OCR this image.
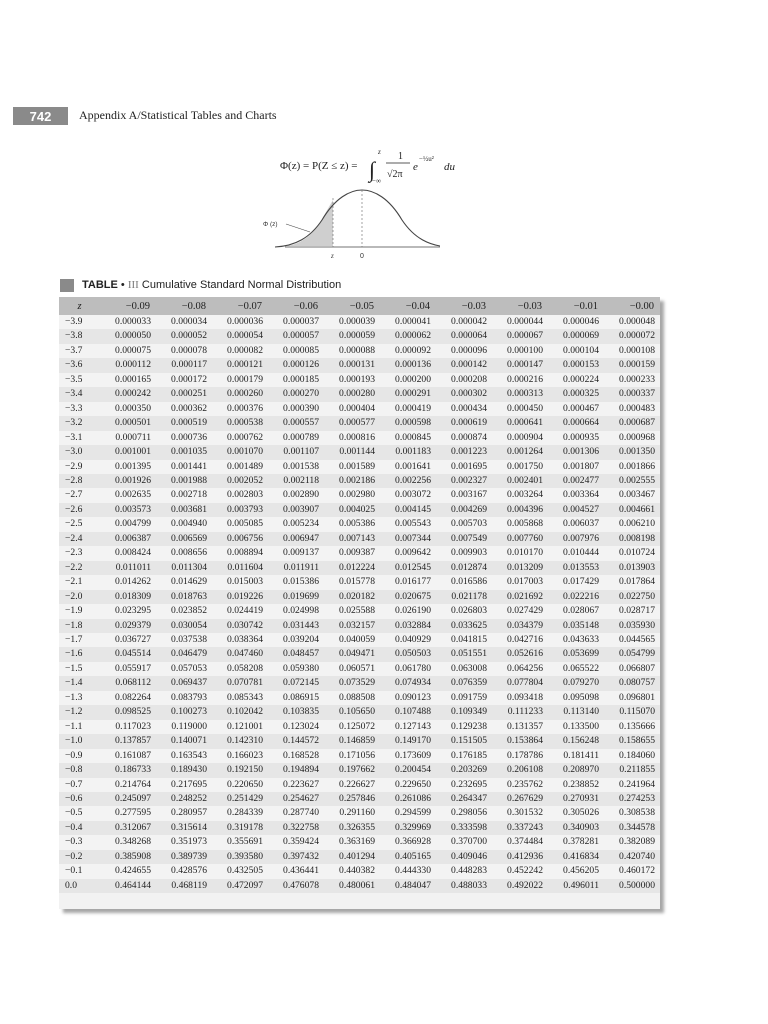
742	Appendix A/Statistical Tables and Charts
Φ(z) = P(Z ≤ z) = ∫
z
−∞
1
√2π
e
−½u²
du
Φ (z)
z	0
TABLE • III Cumulative Standard Normal Distribution
z	−0.09	−0.08	−0.07	−0.06	−0.05	−0.04	−0.03	−0.03	−0.01	−0.00
−3.9	0.000033	0.000034	0.000036	0.000037	0.000039	0.000041	0.000042	0.000044	0.000046	0.000048
−3.8	0.000050	0.000052	0.000054	0.000057	0.000059	0.000062	0.000064	0.000067	0.000069	0.000072
−3.7	0.000075	0.000078	0.000082	0.000085	0.000088	0.000092	0.000096	0.000100	0.000104	0.000108
−3.6	0.000112	0.000117	0.000121	0.000126	0.000131	0.000136	0.000142	0.000147	0.000153	0.000159
−3.5	0.000165	0.000172	0.000179	0.000185	0.000193	0.000200	0.000208	0.000216	0.000224	0.000233
−3.4	0.000242	0.000251	0.000260	0.000270	0.000280	0.000291	0.000302	0.000313	0.000325	0.000337
−3.3	0.000350	0.000362	0.000376	0.000390	0.000404	0.000419	0.000434	0.000450	0.000467	0.000483
−3.2	0.000501	0.000519	0.000538	0.000557	0.000577	0.000598	0.000619	0.000641	0.000664	0.000687
−3.1	0.000711	0.000736	0.000762	0.000789	0.000816	0.000845	0.000874	0.000904	0.000935	0.000968
−3.0	0.001001	0.001035	0.001070	0.001107	0.001144	0.001183	0.001223	0.001264	0.001306	0.001350
−2.9	0.001395	0.001441	0.001489	0.001538	0.001589	0.001641	0.001695	0.001750	0.001807	0.001866
−2.8	0.001926	0.001988	0.002052	0.002118	0.002186	0.002256	0.002327	0.002401	0.002477	0.002555
−2.7	0.002635	0.002718	0.002803	0.002890	0.002980	0.003072	0.003167	0.003264	0.003364	0.003467
−2.6	0.003573	0.003681	0.003793	0.003907	0.004025	0.004145	0.004269	0.004396	0.004527	0.004661
−2.5	0.004799	0.004940	0.005085	0.005234	0.005386	0.005543	0.005703	0.005868	0.006037	0.006210
−2.4	0.006387	0.006569	0.006756	0.006947	0.007143	0.007344	0.007549	0.007760	0.007976	0.008198
−2.3	0.008424	0.008656	0.008894	0.009137	0.009387	0.009642	0.009903	0.010170	0.010444	0.010724
−2.2	0.011011	0.011304	0.011604	0.011911	0.012224	0.012545	0.012874	0.013209	0.013553	0.013903
−2.1	0.014262	0.014629	0.015003	0.015386	0.015778	0.016177	0.016586	0.017003	0.017429	0.017864
−2.0	0.018309	0.018763	0.019226	0.019699	0.020182	0.020675	0.021178	0.021692	0.022216	0.022750
−1.9	0.023295	0.023852	0.024419	0.024998	0.025588	0.026190	0.026803	0.027429	0.028067	0.028717
−1.8	0.029379	0.030054	0.030742	0.031443	0.032157	0.032884	0.033625	0.034379	0.035148	0.035930
−1.7	0.036727	0.037538	0.038364	0.039204	0.040059	0.040929	0.041815	0.042716	0.043633	0.044565
−1.6	0.045514	0.046479	0.047460	0.048457	0.049471	0.050503	0.051551	0.052616	0.053699	0.054799
−1.5	0.055917	0.057053	0.058208	0.059380	0.060571	0.061780	0.063008	0.064256	0.065522	0.066807
−1.4	0.068112	0.069437	0.070781	0.072145	0.073529	0.074934	0.076359	0.077804	0.079270	0.080757
−1.3	0.082264	0.083793	0.085343	0.086915	0.088508	0.090123	0.091759	0.093418	0.095098	0.096801
−1.2	0.098525	0.100273	0.102042	0.103835	0.105650	0.107488	0.109349	0.111233	0.113140	0.115070
−1.1	0.117023	0.119000	0.121001	0.123024	0.125072	0.127143	0.129238	0.131357	0.133500	0.135666
−1.0	0.137857	0.140071	0.142310	0.144572	0.146859	0.149170	0.151505	0.153864	0.156248	0.158655
−0.9	0.161087	0.163543	0.166023	0.168528	0.171056	0.173609	0.176185	0.178786	0.181411	0.184060
−0.8	0.186733	0.189430	0.192150	0.194894	0.197662	0.200454	0.203269	0.206108	0.208970	0.211855
−0.7	0.214764	0.217695	0.220650	0.223627	0.226627	0.229650	0.232695	0.235762	0.238852	0.241964
−0.6	0.245097	0.248252	0.251429	0.254627	0.257846	0.261086	0.264347	0.267629	0.270931	0.274253
−0.5	0.277595	0.280957	0.284339	0.287740	0.291160	0.294599	0.298056	0.301532	0.305026	0.308538
−0.4	0.312067	0.315614	0.319178	0.322758	0.326355	0.329969	0.333598	0.337243	0.340903	0.344578
−0.3	0.348268	0.351973	0.355691	0.359424	0.363169	0.366928	0.370700	0.374484	0.378281	0.382089
−0.2	0.385908	0.389739	0.393580	0.397432	0.401294	0.405165	0.409046	0.412936	0.416834	0.420740
−0.1	0.424655	0.428576	0.432505	0.436441	0.440382	0.444330	0.448283	0.452242	0.456205	0.460172
0.0	0.464144	0.468119	0.472097	0.476078	0.480061	0.484047	0.488033	0.492022	0.496011	0.500000
